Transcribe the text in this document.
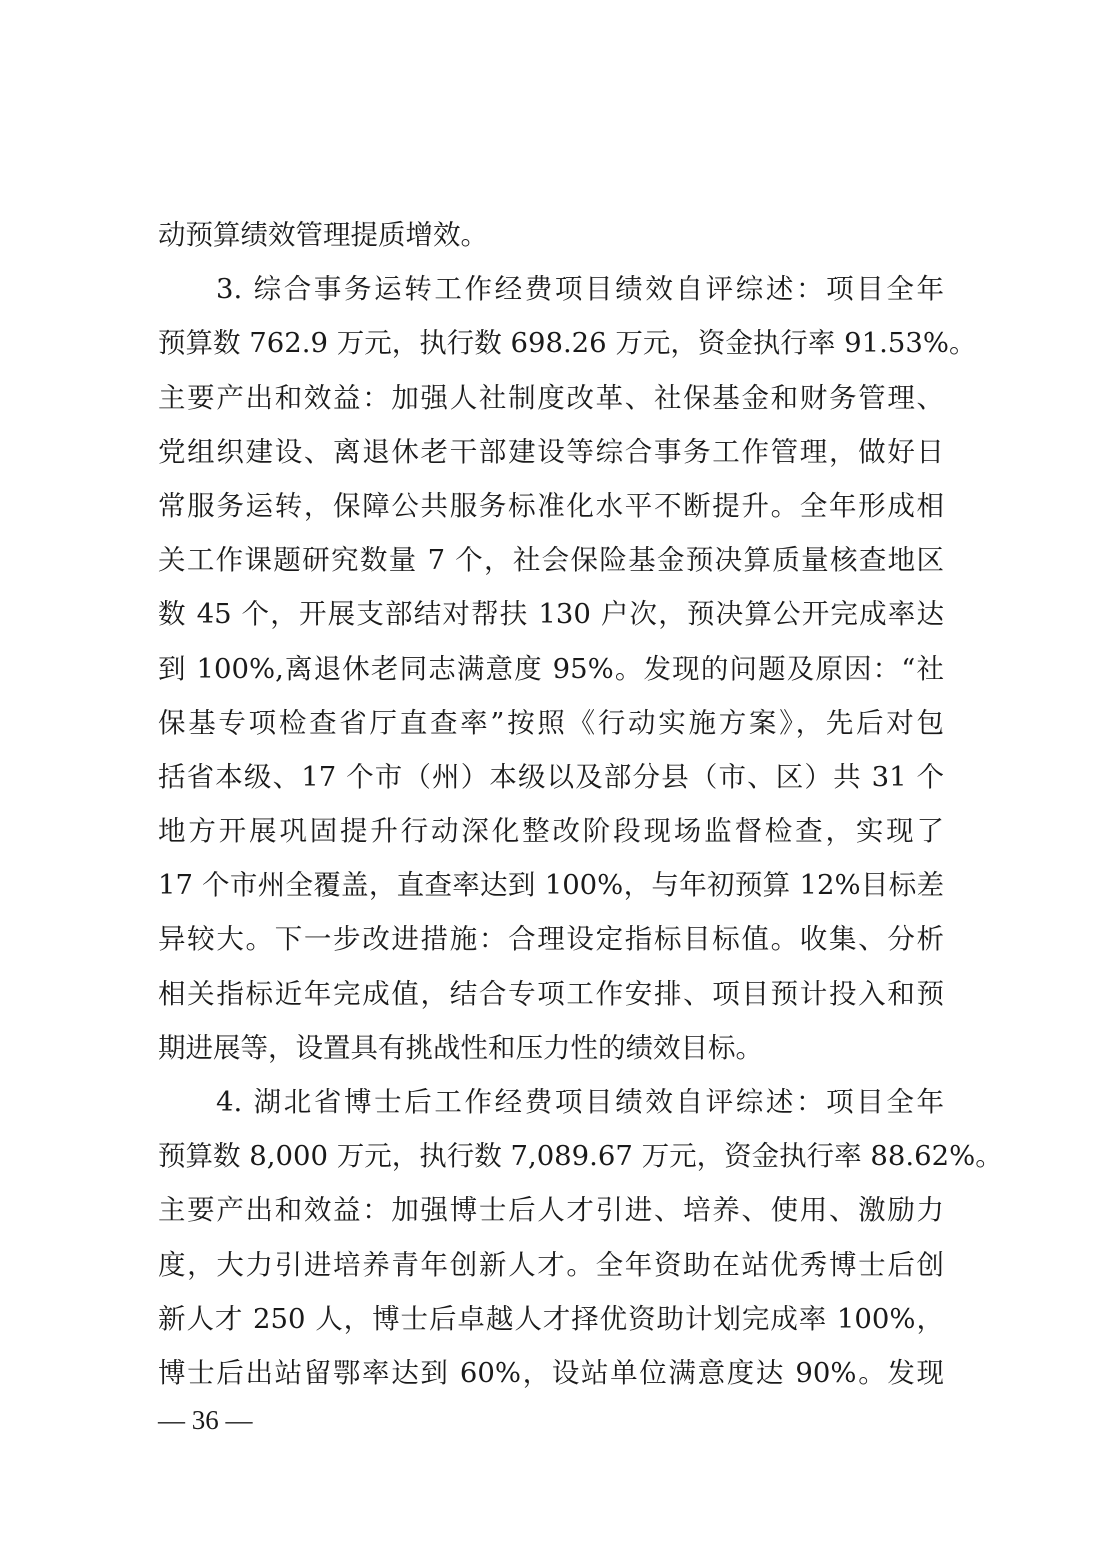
动预算绩效管理提质增效。
3. 综合事务运转工作经费项目绩效自评综述：项目全年
预算数 762.9 万元，执行数 698.26 万元，资金执行率 91.53%。
主要产出和效益：加强人社制度改革、社保基金和财务管理、
党组织建设、离退休老干部建设等综合事务工作管理，做好日
常服务运转，保障公共服务标准化水平不断提升。全年形成相
关工作课题研究数量 7 个，社会保险基金预决算质量核查地区
数 45 个，开展支部结对帮扶 130 户次，预决算公开完成率达
到 100%,离退休老同志满意度 95%。发现的问题及原因：“社
保基专项检查省厅直查率”按照《行动实施方案》，先后对包
括省本级、17 个市（州）本级以及部分县（市、区）共 31 个
地方开展巩固提升行动深化整改阶段现场监督检查，实现了
17 个市州全覆盖，直查率达到 100%，与年初预算 12%目标差
异较大。下一步改进措施：合理设定指标目标值。收集、分析
相关指标近年完成值，结合专项工作安排、项目预计投入和预
期进展等，设置具有挑战性和压力性的绩效目标。
4. 湖北省博士后工作经费项目绩效自评综述：项目全年
预算数 8,000 万元，执行数 7,089.67 万元，资金执行率 88.62%。
主要产出和效益：加强博士后人才引进、培养、使用、激励力
度，大力引进培养青年创新人才。全年资助在站优秀博士后创
新人才 250 人，博士后卓越人才择优资助计划完成率 100%，
博士后出站留鄂率达到 60%，设站单位满意度达 90%。发现
— 36 —
